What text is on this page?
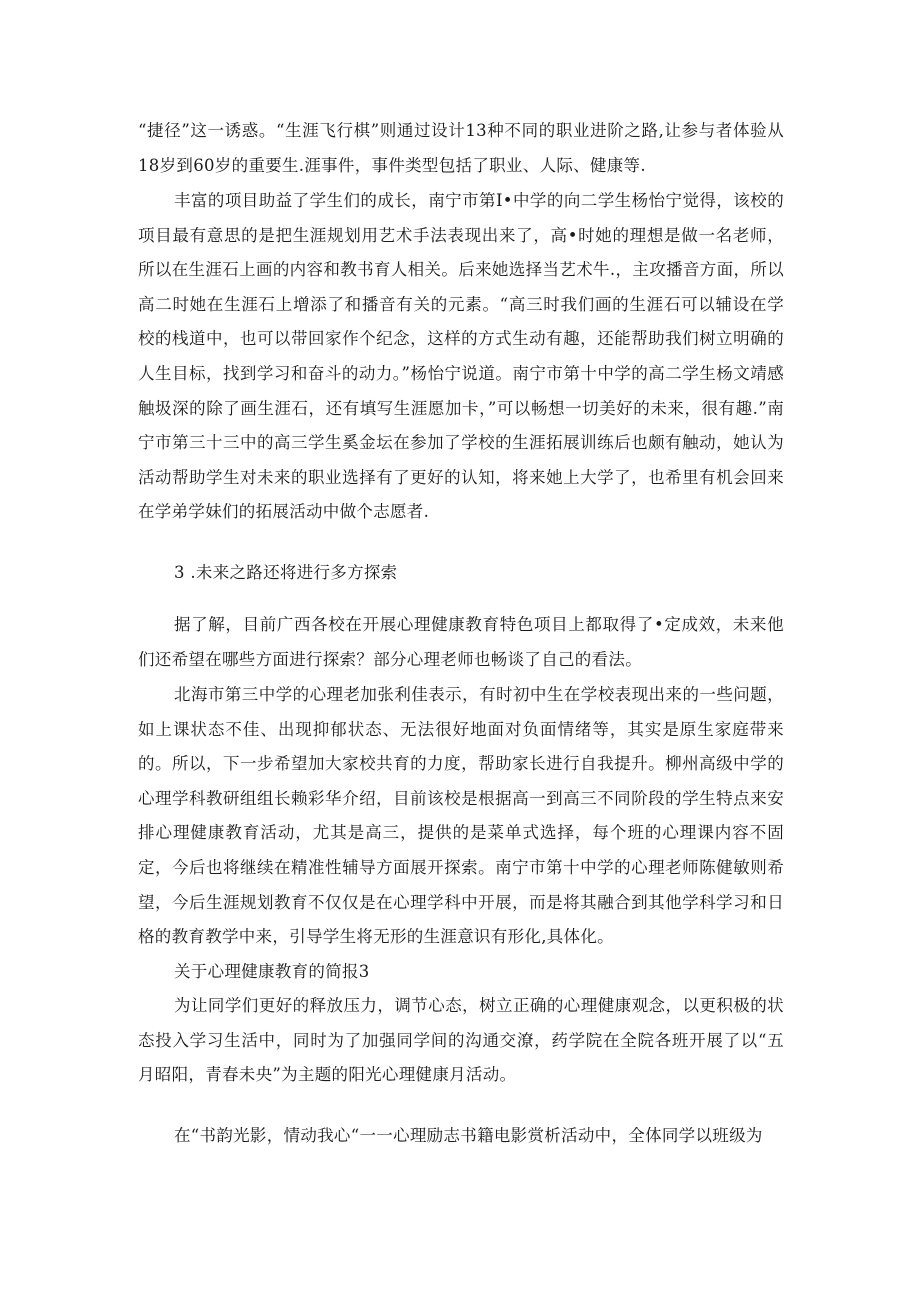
“捷径”这一诱惑。“生涯飞行棋”则通过设计13种不同的职业进阶之路,让参与者体验从18岁到60岁的重要生.涯事件，事件类型包括了职业、人际、健康等.

丰富的项目助益了学生们的成长，南宁市第I•中学的向二学生杨怡宁觉得，该校的项目最有意思的是把生涯规划用艺术手法表现出来了，高•时她的理想是做一名老师，所以在生涯石上画的内容和教书育人相关。后来她选择当艺术牛.，主攻播音方面，所以高二时她在生涯石上增添了和播音有关的元素。“高三时我们画的生涯石可以辅设在学校的栈道中，也可以带回家作个纪念，这样的方式生动有趣，还能帮助我们树立明确的人生目标，找到学习和奋斗的动力。”杨怡宁说道。南宁市第十中学的高二学生杨文靖感触圾深的除了画生涯石，还有填写生涯愿加卡，”可以畅想一切美好的未来，很有趣.”南宁市第三十三中的高三学生奚金坛在参加了学校的生涯拓展训练后也颇有触动，她认为活动帮助学生对未来的职业选择有了更好的认知，将来她上大学了，也希里有机会回来在学弟学妹们的拓展活动中做个志愿者.

3 .未来之路还将进行多方探索

据了解，目前广西各校在开展心理健康教育特色项目上都取得了•定成效，未来他们还希望在哪些方面进行探索？部分心理老师也畅谈了自己的看法。

北海市第三中学的心理老加张利佳表示，有时初中生在学校表现出来的一些问题，如上课状态不佳、出现抑郁状态、无法很好地面对负面情绪等，其实是原生家庭带来的。所以，下一步希望加大家校共育的力度，帮助家长进行自我提升。柳州高级中学的心理学科教研组组长赖彩华介绍，目前该校是根据高一到高三不同阶段的学生特点来安排心理健康教育活动，尤其是高三，提供的是菜单式选择，每个班的心理课内容不固定，今后也将继续在精准性辅导方面展开探索。南宁市第十中学的心理老师陈健敏则希望，今后生涯规划教育不仅仅是在心理学科中开展，而是将其融合到其他学科学习和日格的教育教学中来，引导学生将无形的生涯意识有形化,具体化。

关于心理健康教育的简报3

为让同学们更好的释放压力，调节心态，树立正确的心理健康观念，以更积极的状态投入学习生活中，同时为了加强同学间的沟通交潦，药学院在全院各班开展了以“五月昭阳，青春未央”为主题的阳光心理健康月活动。

在“书韵光影，情动我心“一一心理励志书籍电影赏析活动中，全体同学以班级为
